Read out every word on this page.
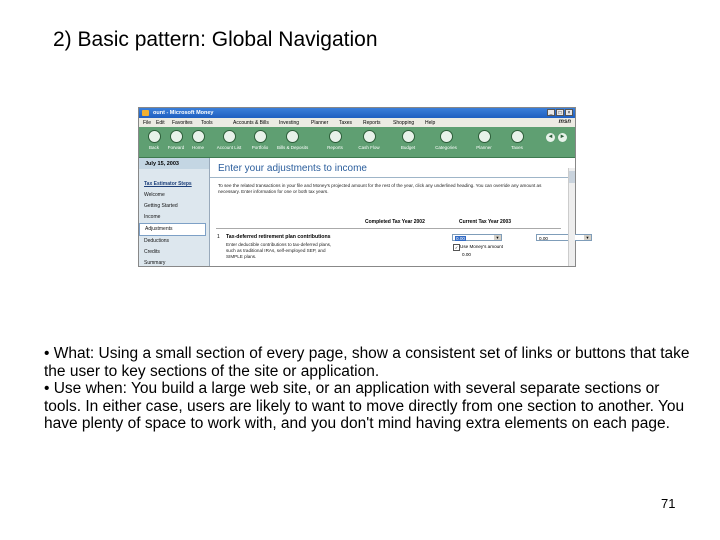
2) Basic pattern: Global Navigation
ount - Microsoft Money	_	□	×
File Edit Favorites Tools	Accounts & Bills Investing Planner Taxes Reports Shopping Help	msn
Back	Forward	Home	Account List	Portfolio	Bills & Deposits	Reports	Cash Flow	Budget	Categories	Planner	Taxes
◄ ►
July 15, 2003
Tax Estimator Steps
Welcome
Getting Started
Income
Adjustments
Deductions
Credits
Summary
Enter your adjustments to income
To see the related transactions in your file and Money's projected amount for the rest of the year, click any underlined heading. You can override any amount as necessary. Enter information for one or both tax years.
Completed Tax Year 2002	Current Tax Year 2003
1 Tax-deferred retirement plan contributions
Enter deductible contributions to tax-deferred plans, such as traditional IRAs, self-employed SEP, and SIMPLE plans.
0.00	▼	0.00	▼
✓ Use Money's amount
0.00

• What: Using a small section of every page, show a consistent set of links or buttons that take the user to key sections of the site or application.

• Use when: You build a large web site, or an application with several separate sections or tools. In either case, users are likely to want to move directly from one section to another. You have plenty of space to work with, and you don't mind having extra elements on each page.

71
